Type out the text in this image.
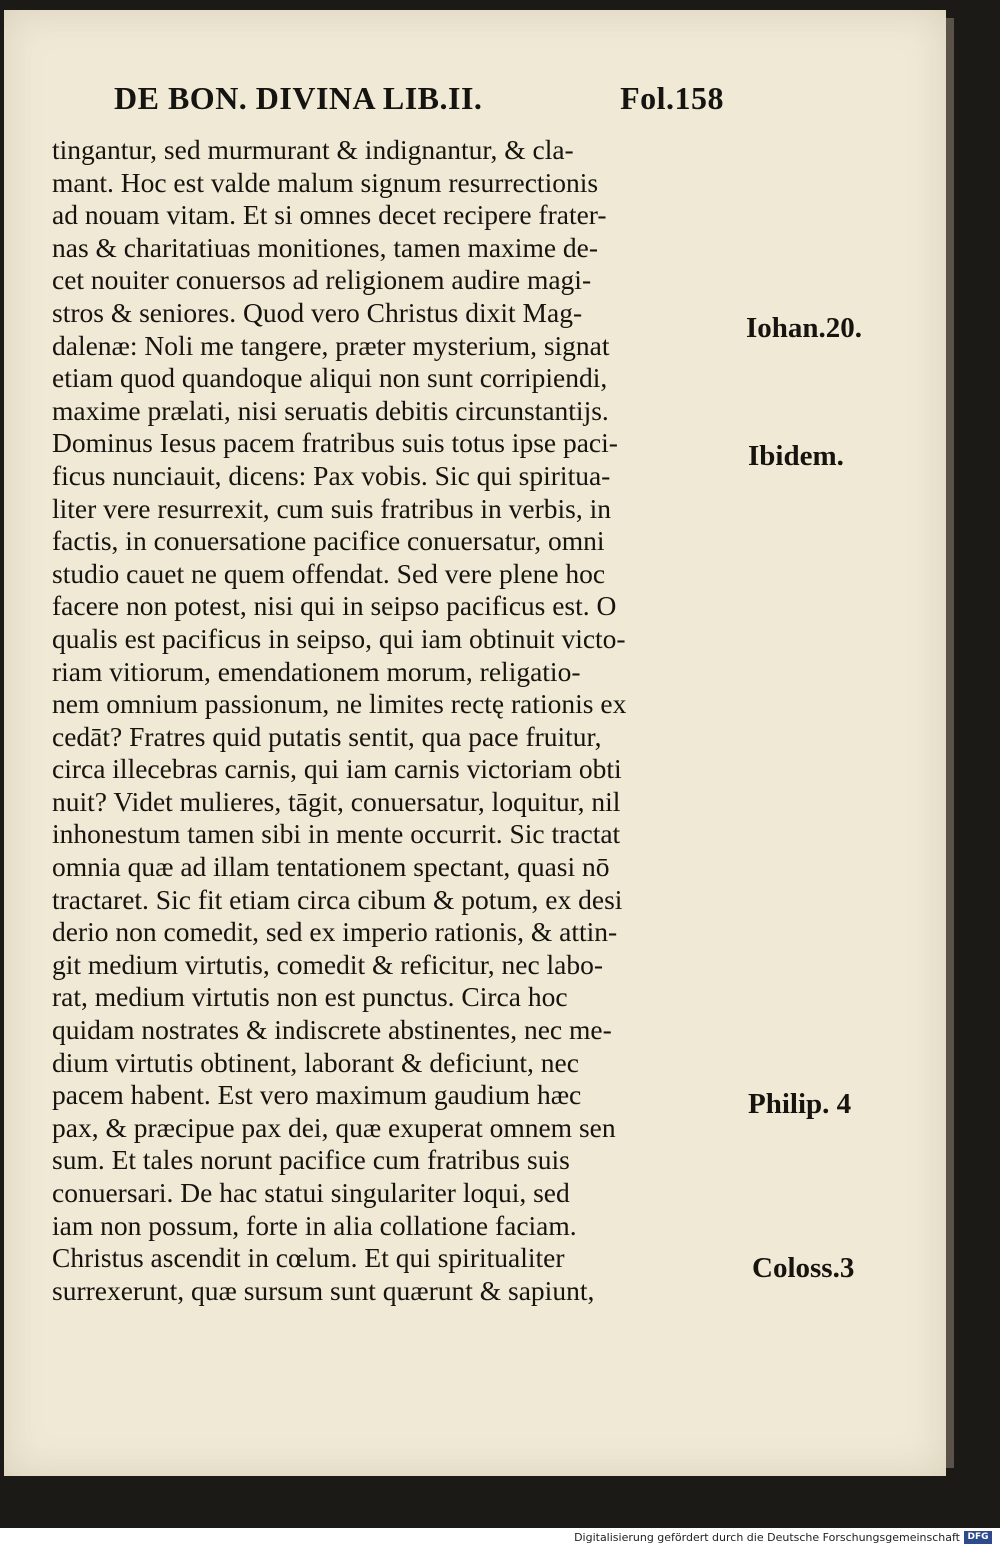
DE BON. DIVINA LIB.II.	Fol.158
tingantur, sed murmurant & indignantur, & cla-
mant. Hoc est valde malum signum resurrectionis
ad nouam vitam. Et si omnes decet recipere frater-
nas & charitatiuas monitiones, tamen maxime de-
cet nouiter conuersos ad religionem audire magi-
stros & seniores. Quod vero Christus dixit Mag-
dalenæ: Noli me tangere, præter mysterium, signat
etiam quod quandoque aliqui non sunt corripiendi,
maxime prælati, nisi seruatis debitis circunstantijs.
Dominus Iesus pacem fratribus suis totus ipse paci-
ficus nunciauit, dicens: Pax vobis. Sic qui spiritua-
liter vere resurrexit, cum suis fratribus in verbis, in
factis, in conuersatione pacifice conuersatur, omni
studio cauet ne quem offendat. Sed vere plene hoc
facere non potest, nisi qui in seipso pacificus est. O
qualis est pacificus in seipso, qui iam obtinuit victo-
riam vitiorum, emendationem morum, religatio-
nem omnium passionum, ne limites rectę rationis ex
cedāt? Fratres quid putatis sentit, qua pace fruitur,
circa illecebras carnis, qui iam carnis victoriam obti
nuit? Videt mulieres, tāgit, conuersatur, loquitur, nil
inhonestum tamen sibi in mente occurrit. Sic tractat
omnia quæ ad illam tentationem spectant, quasi nō
tractaret. Sic fit etiam circa cibum & potum, ex desi
derio non comedit, sed ex imperio rationis, & attin-
git medium virtutis, comedit & reficitur, nec labo-
rat, medium virtutis non est punctus. Circa hoc
quidam nostrates & indiscrete abstinentes, nec me-
dium virtutis obtinent, laborant & deficiunt, nec
pacem habent. Est vero maximum gaudium hæc
pax, & præcipue pax dei, quæ exuperat omnem sen
sum. Et tales norunt pacifice cum fratribus suis
conuersari. De hac statui singulariter loqui, sed
iam non possum, forte in alia collatione faciam.
Christus ascendit in cœlum. Et qui spiritualiter
surrexerunt, quæ sursum sunt quærunt & sapiunt,
Iohan.20.
Ibidem.
Philip. 4
Coloss.3
Digitalisierung gefördert durch die Deutsche Forschungsgemeinschaft DFG
